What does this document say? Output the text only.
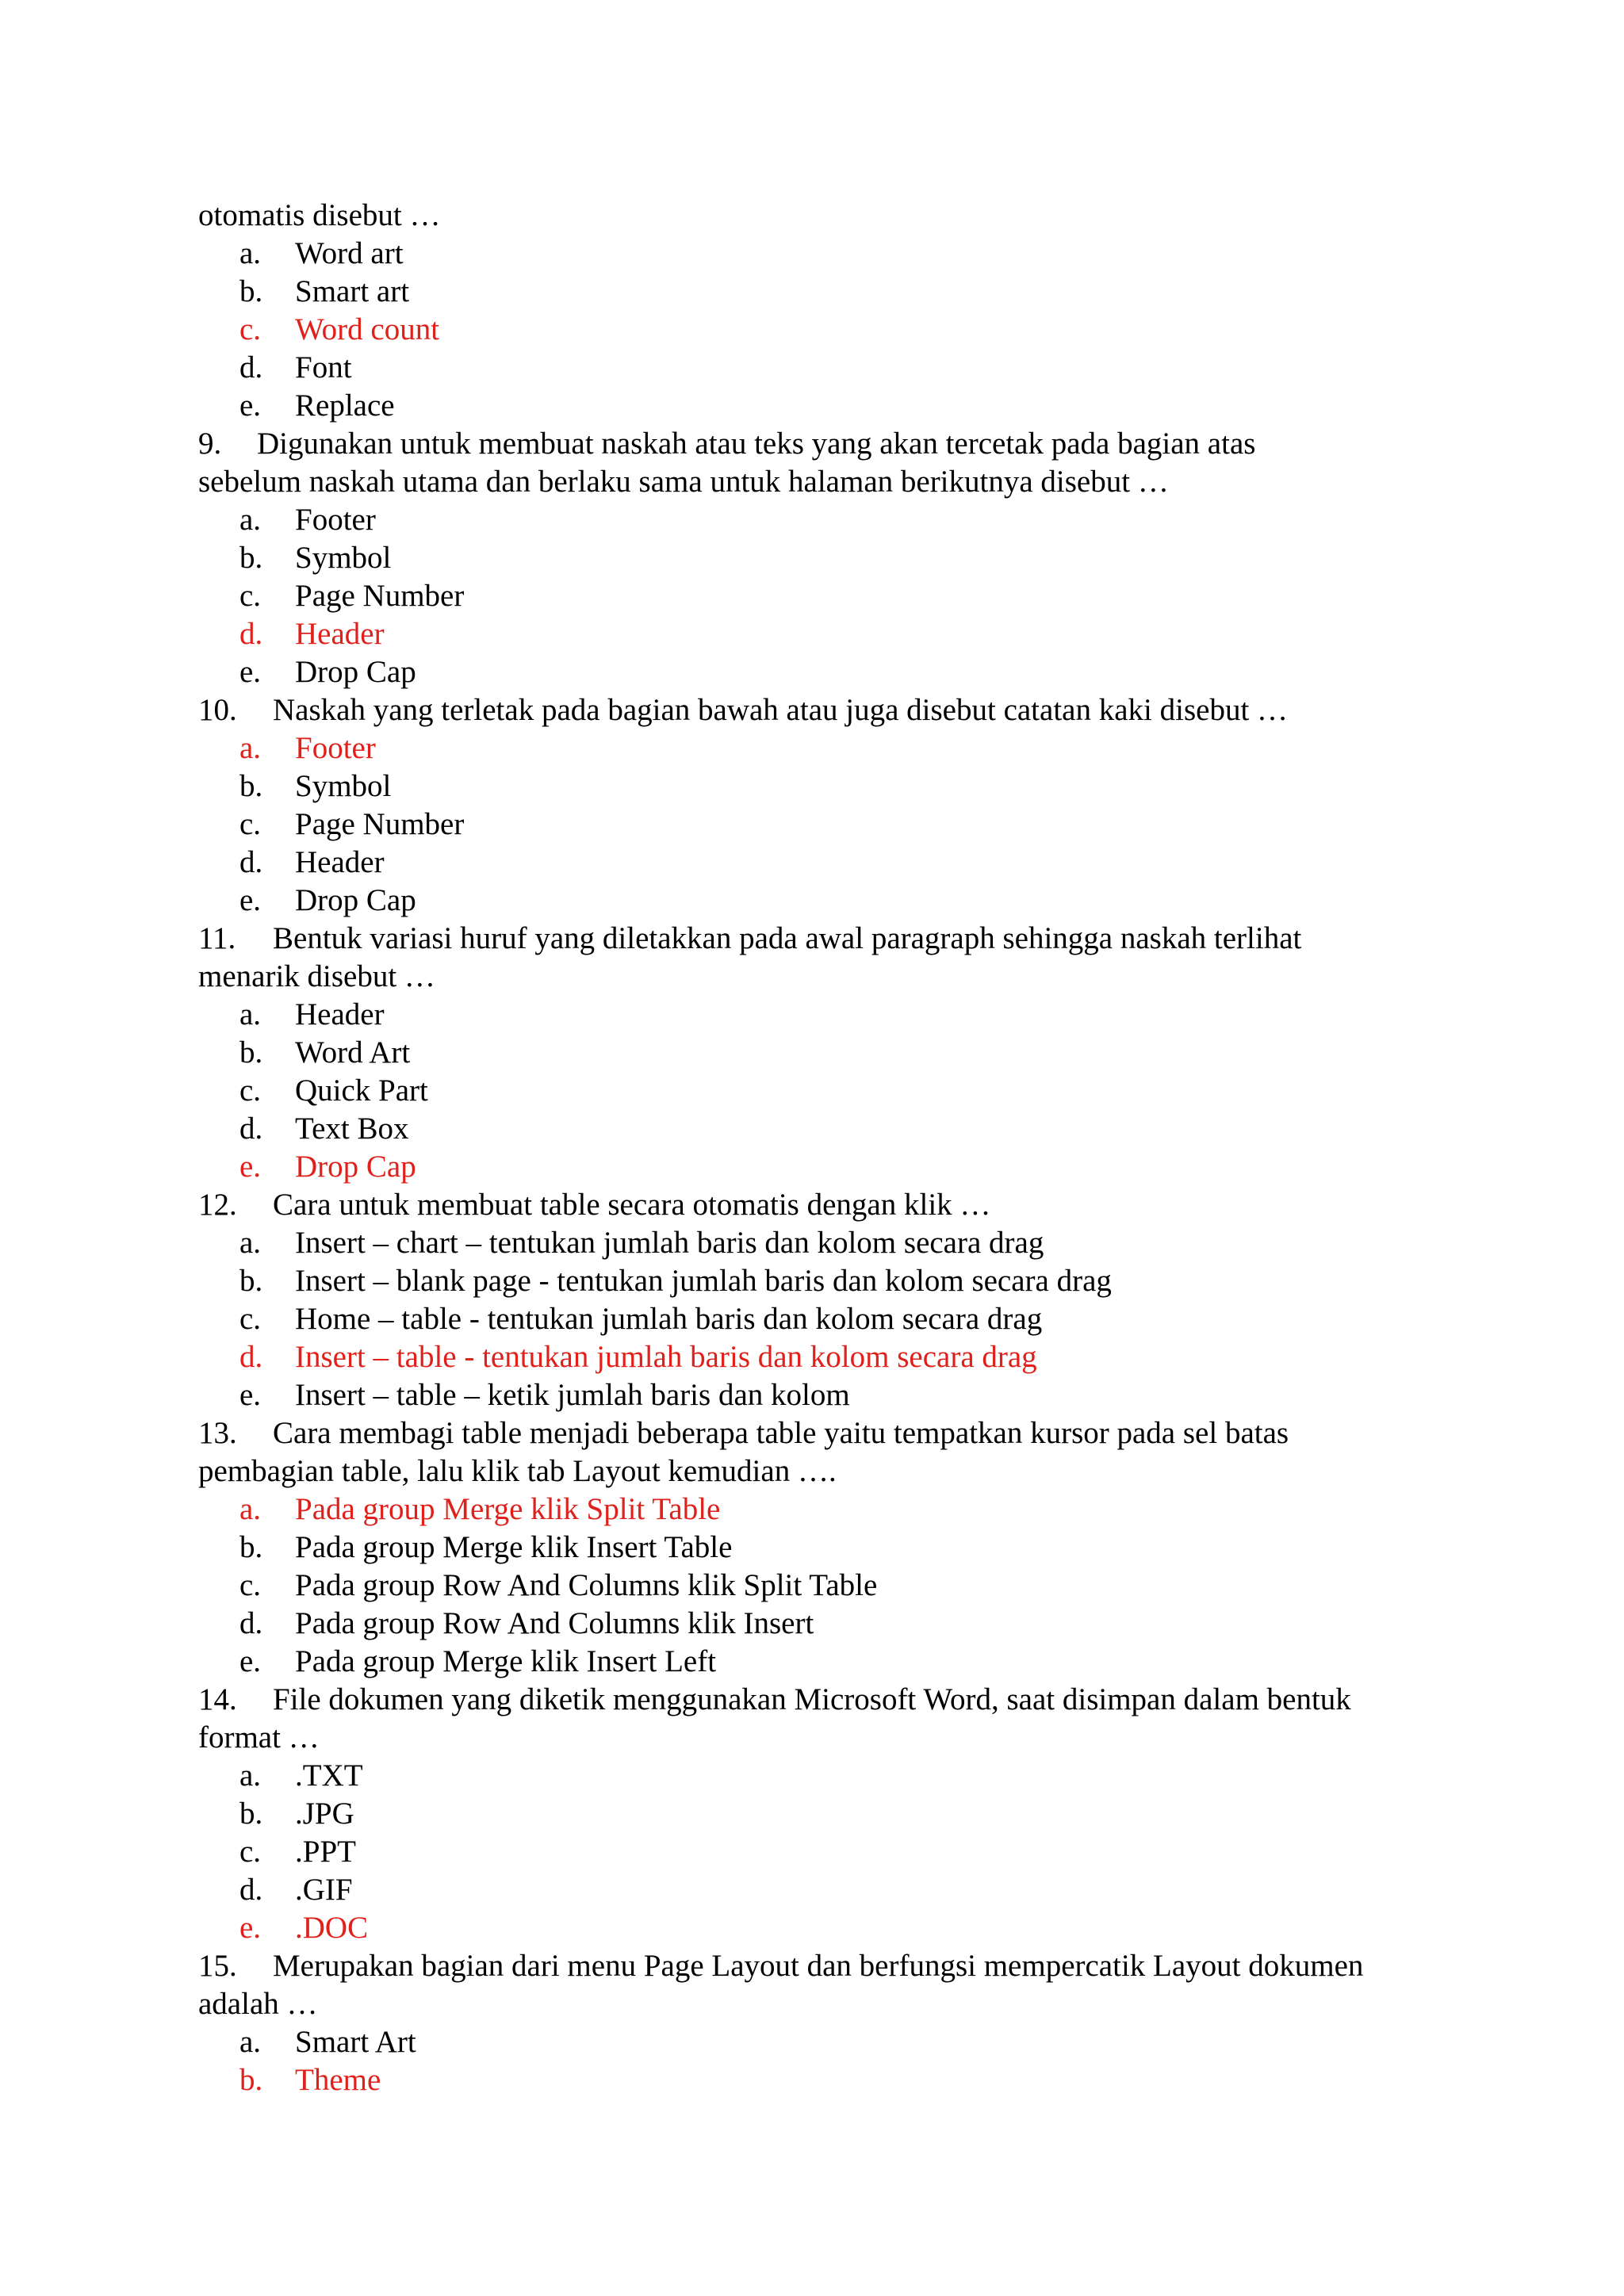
otomatis disebut …
a. Word art
b. Smart art
c. Word count
d. Font
e. Replace
9. Digunakan untuk membuat naskah atau teks yang akan tercetak pada bagian atas
sebelum naskah utama dan berlaku sama untuk halaman berikutnya disebut …
a. Footer
b. Symbol
c. Page Number
d. Header
e. Drop Cap
10. Naskah yang terletak pada bagian bawah atau juga disebut catatan kaki disebut …
a. Footer
b. Symbol
c. Page Number
d. Header
e. Drop Cap
11. Bentuk variasi huruf yang diletakkan pada awal paragraph sehingga naskah terlihat
menarik disebut …
a. Header
b. Word Art
c. Quick Part
d. Text Box
e. Drop Cap
12. Cara untuk membuat table secara otomatis dengan klik …
a. Insert – chart – tentukan jumlah baris dan kolom secara drag
b. Insert – blank page - tentukan jumlah baris dan kolom secara drag
c. Home – table - tentukan jumlah baris dan kolom secara drag
d. Insert – table - tentukan jumlah baris dan kolom secara drag
e. Insert – table – ketik jumlah baris dan kolom
13. Cara membagi table menjadi beberapa table yaitu tempatkan kursor pada sel batas
pembagian table, lalu klik tab Layout kemudian ….
a. Pada group Merge klik Split Table
b. Pada group Merge klik Insert Table
c. Pada group Row And Columns klik Split Table
d. Pada group Row And Columns klik Insert
e. Pada group Merge klik Insert Left
14. File dokumen yang diketik menggunakan Microsoft Word, saat disimpan dalam bentuk
format …
a. .TXT
b. .JPG
c. .PPT
d. .GIF
e. .DOC
15. Merupakan bagian dari menu Page Layout dan berfungsi mempercatik Layout dokumen
adalah …
a. Smart Art
b. Theme
